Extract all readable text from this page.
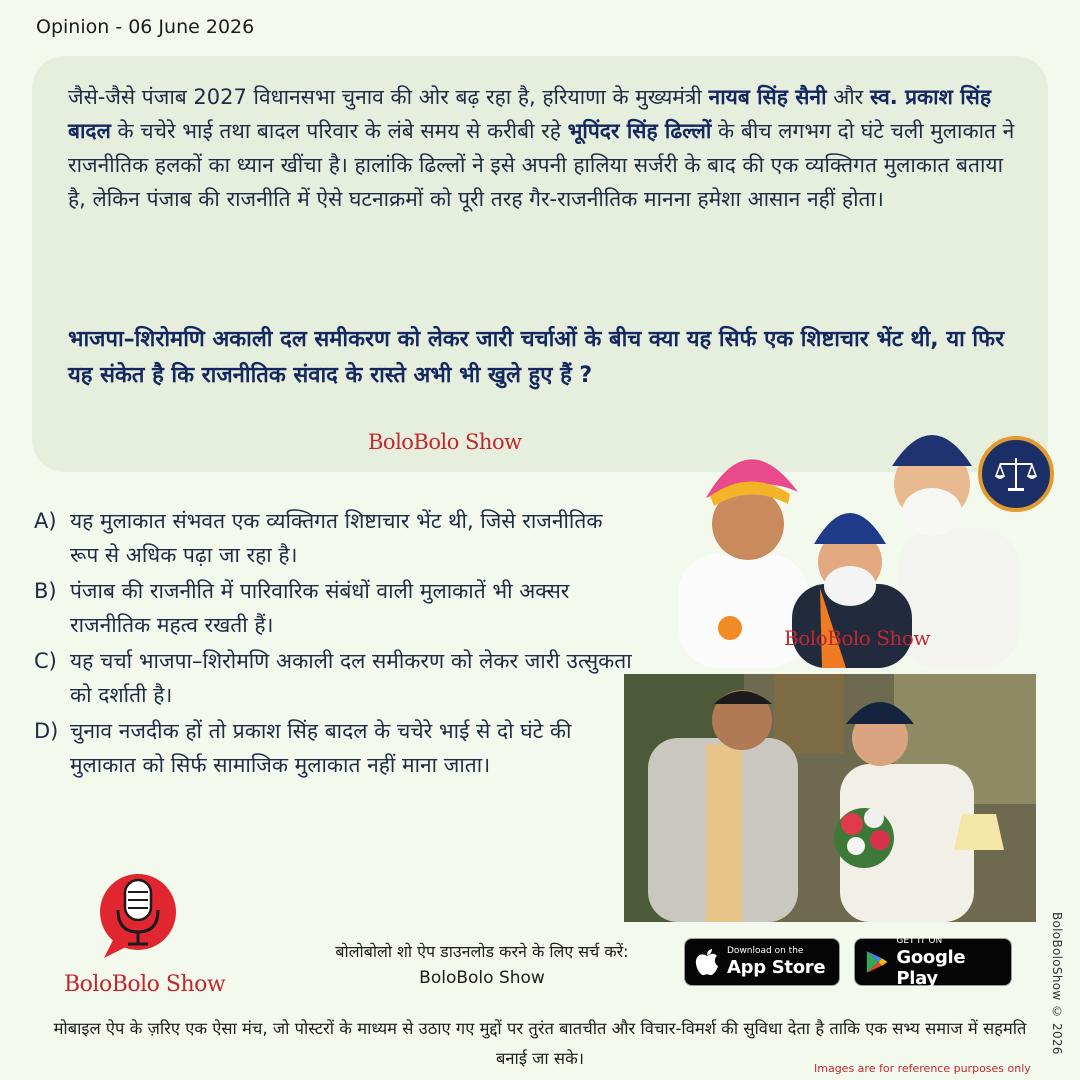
Opinion - 06 June 2026
जैसे-जैसे पंजाब 2027 विधानसभा चुनाव की ओर बढ़ रहा है, हरियाणा के मुख्यमंत्री नायब सिंह सैनी और स्व. प्रकाश सिंह बादल के चचेरे भाई तथा बादल परिवार के लंबे समय से करीबी रहे भूपिंदर सिंह ढिल्लों के बीच लगभग दो घंटे चली मुलाकात ने राजनीतिक हलकों का ध्यान खींचा है। हालांकि ढिल्लों ने इसे अपनी हालिया सर्जरी के बाद की एक व्यक्तिगत मुलाकात बताया है, लेकिन पंजाब की राजनीति में ऐसे घटनाक्रमों को पूरी तरह गैर-राजनीतिक मानना हमेशा आसान नहीं होता।
भाजपा–शिरोमणि अकाली दल समीकरण को लेकर जारी चर्चाओं के बीच क्या यह सिर्फ एक शिष्टाचार भेंट थी, या फिर यह संकेत है कि राजनीतिक संवाद के रास्ते अभी भी खुले हुए हैं ?
BoloBolo Show
A) यह मुलाकात संभवत एक व्यक्तिगत शिष्टाचार भेंट थी, जिसे राजनीतिक रूप से अधिक पढ़ा जा रहा है।
B) पंजाब की राजनीति में पारिवारिक संबंधों वाली मुलाकातें भी अक्सर राजनीतिक महत्व रखती हैं।
C) यह चर्चा भाजपा–शिरोमणि अकाली दल समीकरण को लेकर जारी उत्सुकता को दर्शाती है।
D) चुनाव नजदीक हों तो प्रकाश सिंह बादल के चचेरे भाई से दो घंटे की मुलाकात को सिर्फ सामाजिक मुलाकात नहीं माना जाता।
BoloBolo Show
BoloBolo Show
बोलोबोलो शो ऐप डाउनलोड करने के लिए सर्च करें:
BoloBolo Show
Download on the
App Store
GET IT ON
Google Play
मोबाइल ऐप के ज़रिए एक ऐसा मंच, जो पोस्टरों के माध्यम से उठाए गए मुद्दों पर तुरंत बातचीत और विचार-विमर्श की सुविधा देता है ताकि एक सभ्य समाज में सहमति बनाई जा सके।
Images are for reference purposes only
BoloBoloShow © 2026
